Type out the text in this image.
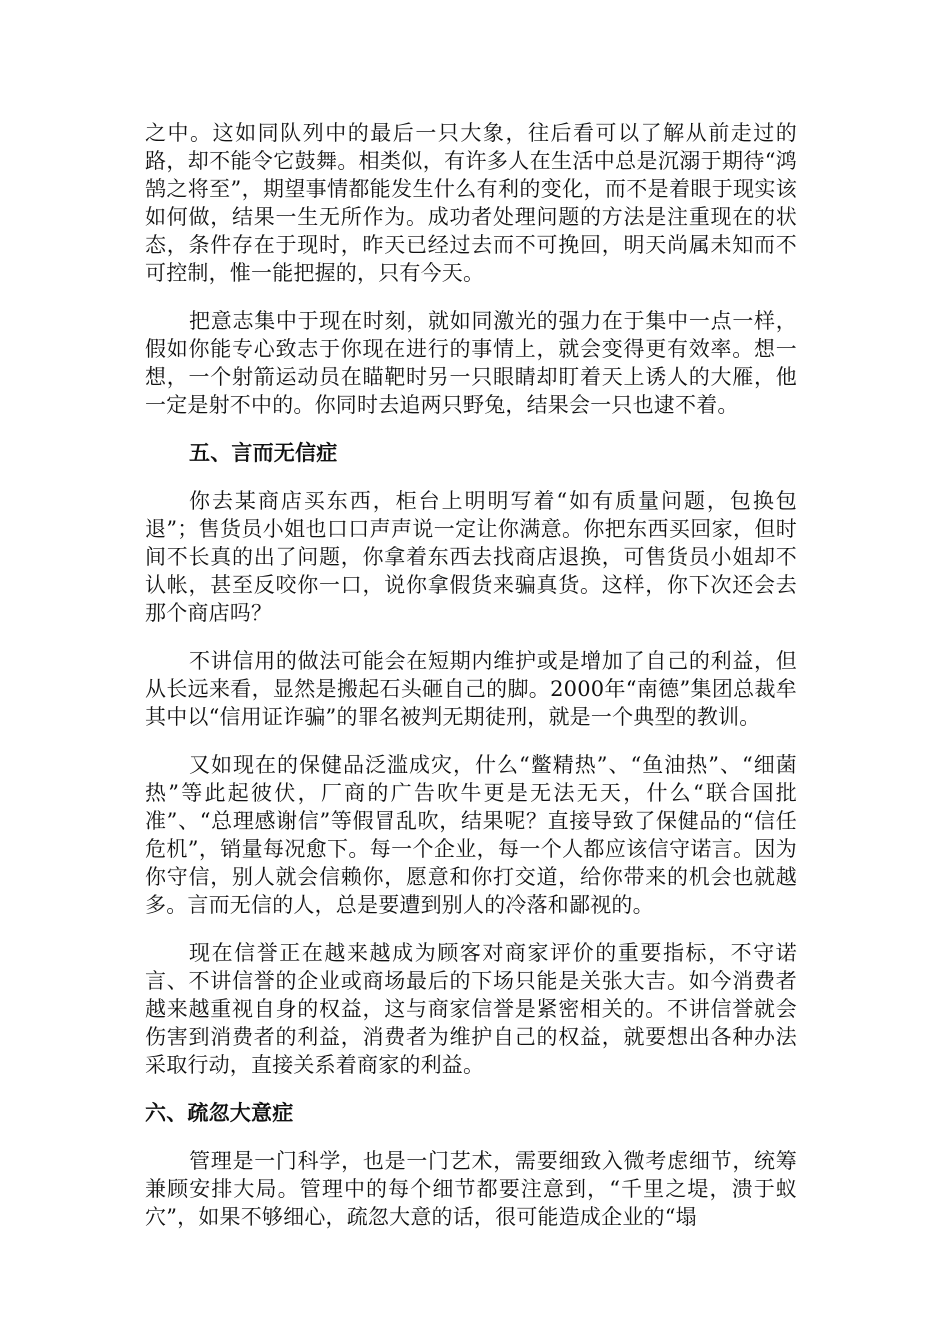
之中。这如同队列中的最后一只大象，往后看可以了解从前走过的路，却不能令它鼓舞。相类似，有许多人在生活中总是沉溺于期待“鸿鹄之将至”，期望事情都能发生什么有利的变化，而不是着眼于现实该如何做，结果一生无所作为。成功者处理问题的方法是注重现在的状态，条件存在于现时，昨天已经过去而不可挽回，明天尚属未知而不可控制，惟一能把握的，只有今天。

把意志集中于现在时刻，就如同激光的强力在于集中一点一样，假如你能专心致志于你现在进行的事情上，就会变得更有效率。想一想，一个射箭运动员在瞄靶时另一只眼睛却盯着天上诱人的大雁，他一定是射不中的。你同时去追两只野兔，结果会一只也逮不着。

五、言而无信症

你去某商店买东西，柜台上明明写着“如有质量问题，包换包退”；售货员小姐也口口声声说一定让你满意。你把东西买回家，但时间不长真的出了问题，你拿着东西去找商店退换，可售货员小姐却不认帐，甚至反咬你一口，说你拿假货来骗真货。这样，你下次还会去那个商店吗？

不讲信用的做法可能会在短期内维护或是增加了自己的利益，但从长远来看，显然是搬起石头砸自己的脚。2000年“南德”集团总裁牟其中以“信用证诈骗”的罪名被判无期徒刑，就是一个典型的教训。

又如现在的保健品泛滥成灾，什么“鳖精热”、“鱼油热”、“细菌热”等此起彼伏，厂商的广告吹牛更是无法无天，什么“联合国批准”、“总理感谢信”等假冒乱吹，结果呢？直接导致了保健品的“信任危机”，销量每况愈下。每一个企业，每一个人都应该信守诺言。因为你守信，别人就会信赖你，愿意和你打交道，给你带来的机会也就越多。言而无信的人，总是要遭到别人的冷落和鄙视的。

现在信誉正在越来越成为顾客对商家评价的重要指标，不守诺言、不讲信誉的企业或商场最后的下场只能是关张大吉。如今消费者越来越重视自身的权益，这与商家信誉是紧密相关的。不讲信誉就会伤害到消费者的利益，消费者为维护自己的权益，就要想出各种办法采取行动，直接关系着商家的利益。

六、疏忽大意症

管理是一门科学，也是一门艺术，需要细致入微考虑细节，统筹兼顾安排大局。管理中的每个细节都要注意到，“千里之堤，溃于蚁穴”，如果不够细心，疏忽大意的话，很可能造成企业的“塌
